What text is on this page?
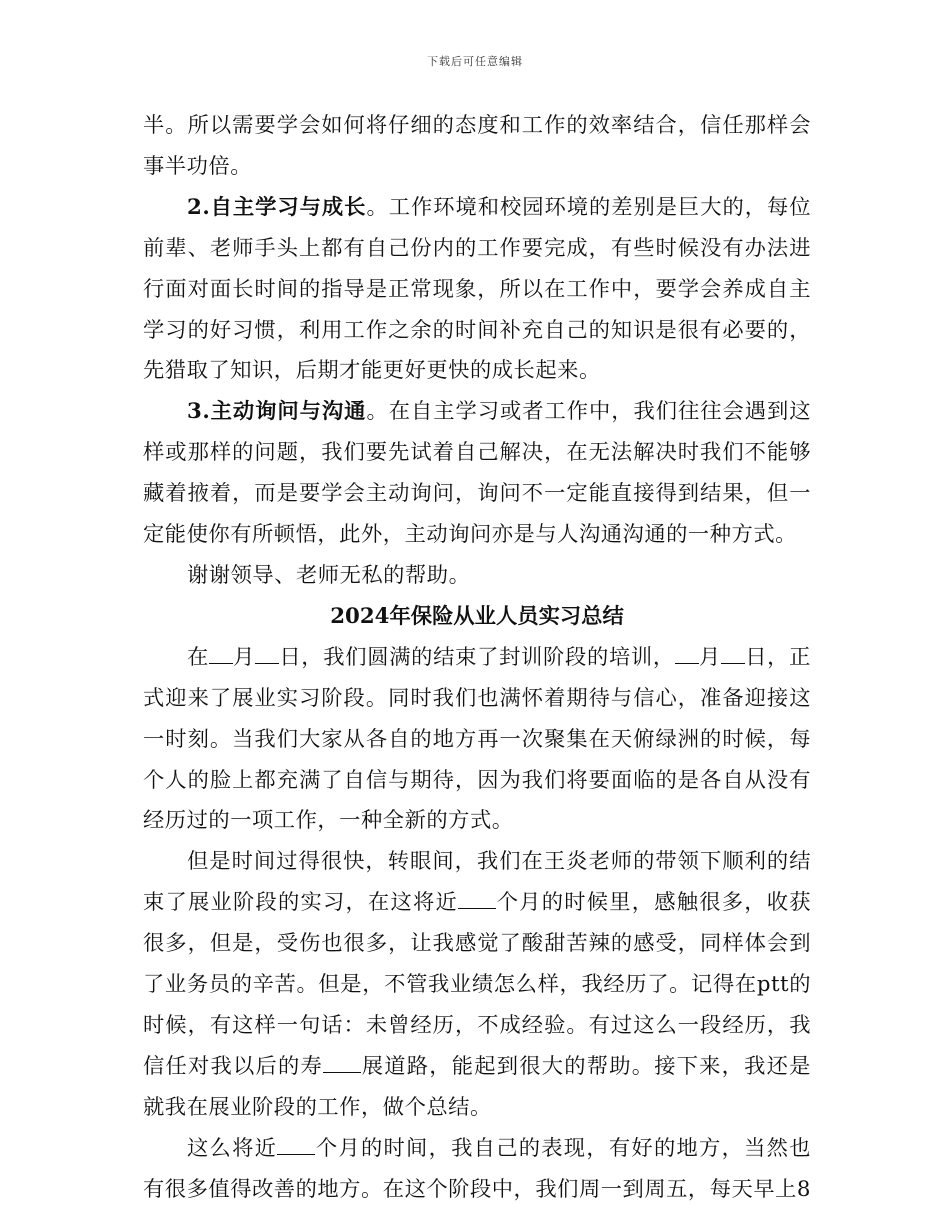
下载后可任意编辑

半。所以需要学会如何将仔细的态度和工作的效率结合，信任那样会事半功倍。

2.自主学习与成长。工作环境和校园环境的差别是巨大的，每位前辈、老师手头上都有自己份内的工作要完成，有些时候没有办法进行面对面长时间的指导是正常现象，所以在工作中，要学会养成自主学习的好习惯，利用工作之余的时间补充自己的知识是很有必要的，先猎取了知识，后期才能更好更快的成长起来。

3.主动询问与沟通。在自主学习或者工作中，我们往往会遇到这样或那样的问题，我们要先试着自己解决，在无法解决时我们不能够藏着掖着，而是要学会主动询问，询问不一定能直接得到结果，但一定能使你有所顿悟，此外，主动询问亦是与人沟通沟通的一种方式。

谢谢领导、老师无私的帮助。

2024年保险从业人员实习总结

在 月 日，我们圆满的结束了封训阶段的培训， 月 日，正式迎来了展业实习阶段。同时我们也满怀着期待与信心，准备迎接这一时刻。当我们大家从各自的地方再一次聚集在天俯绿洲的时候，每个人的脸上都充满了自信与期待，因为我们将要面临的是各自从没有经历过的一项工作，一种全新的方式。

但是时间过得很快，转眼间，我们在王炎老师的带领下顺利的结束了展业阶段的实习，在这将近 个月的时候里，感触很多，收获很多，但是，受伤也很多，让我感觉了酸甜苦辣的感受，同样体会到了业务员的辛苦。但是，不管我业绩怎么样，我经历了。记得在ptt的时候，有这样一句话：未曾经历，不成经验。有过这么一段经历，我信任对我以后的寿 展道路，能起到很大的帮助。接下来，我还是就我在展业阶段的工作，做个总结。

这么将近 个月的时间，我自己的表现，有好的地方，当然也有很多值得改善的地方。在这个阶段中，我们周一到周五，每天早上8
